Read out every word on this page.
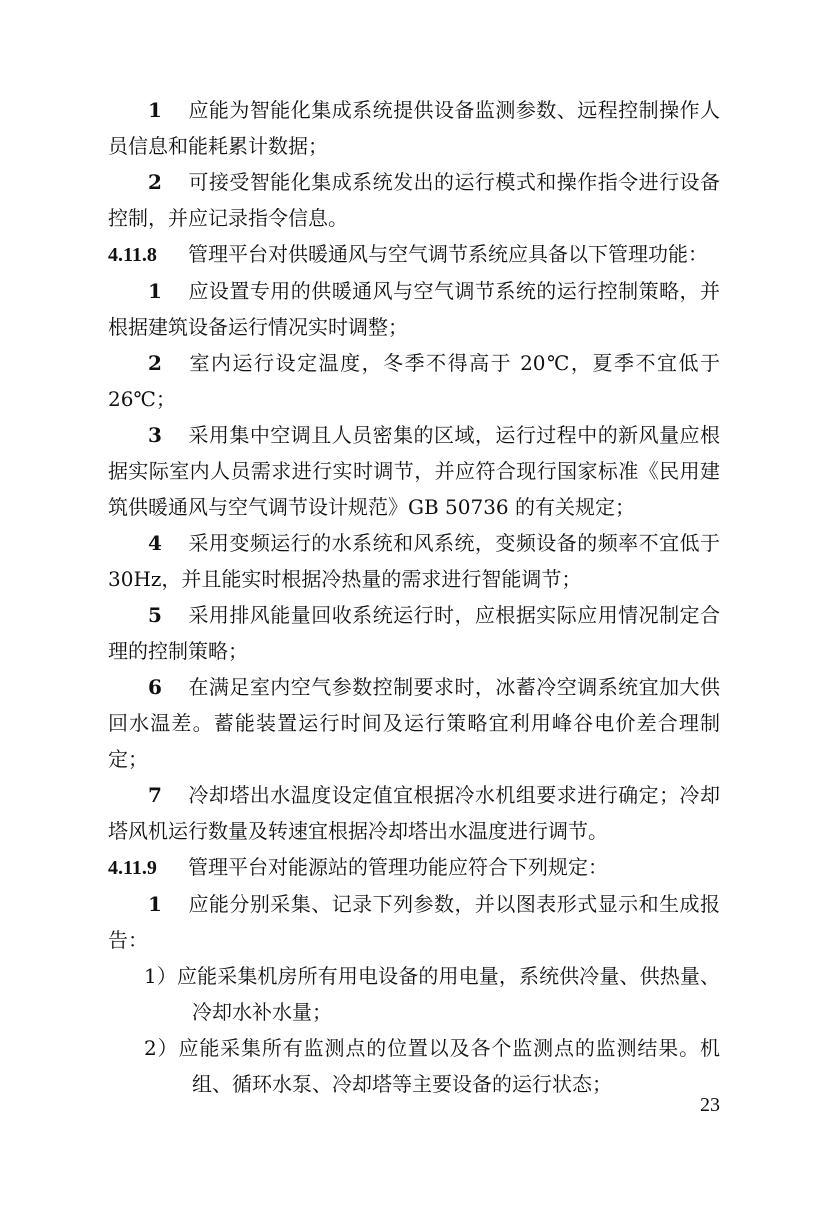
1 应能为智能化集成系统提供设备监测参数、远程控制操作人员信息和能耗累计数据；

2 可接受智能化集成系统发出的运行模式和操作指令进行设备控制，并应记录指令信息。

4.11.8 管理平台对供暖通风与空气调节系统应具备以下管理功能：

1 应设置专用的供暖通风与空气调节系统的运行控制策略，并根据建筑设备运行情况实时调整；

2 室内运行设定温度，冬季不得高于 20℃，夏季不宜低于 26℃；

3 采用集中空调且人员密集的区域，运行过程中的新风量应根据实际室内人员需求进行实时调节，并应符合现行国家标准《民用建筑供暖通风与空气调节设计规范》GB 50736 的有关规定；

4 采用变频运行的水系统和风系统，变频设备的频率不宜低于 30Hz，并且能实时根据冷热量的需求进行智能调节；

5 采用排风能量回收系统运行时，应根据实际应用情况制定合理的控制策略；

6 在满足室内空气参数控制要求时，冰蓄冷空调系统宜加大供回水温差。蓄能装置运行时间及运行策略宜利用峰谷电价差合理制定；

7 冷却塔出水温度设定值宜根据冷水机组要求进行确定；冷却塔风机运行数量及转速宜根据冷却塔出水温度进行调节。

4.11.9 管理平台对能源站的管理功能应符合下列规定：

1 应能分别采集、记录下列参数，并以图表形式显示和生成报告：

1）应能采集机房所有用电设备的用电量，系统供冷量、供热量、冷却水补水量；

2）应能采集所有监测点的位置以及各个监测点的监测结果。机组、循环水泵、冷却塔等主要设备的运行状态；

23
